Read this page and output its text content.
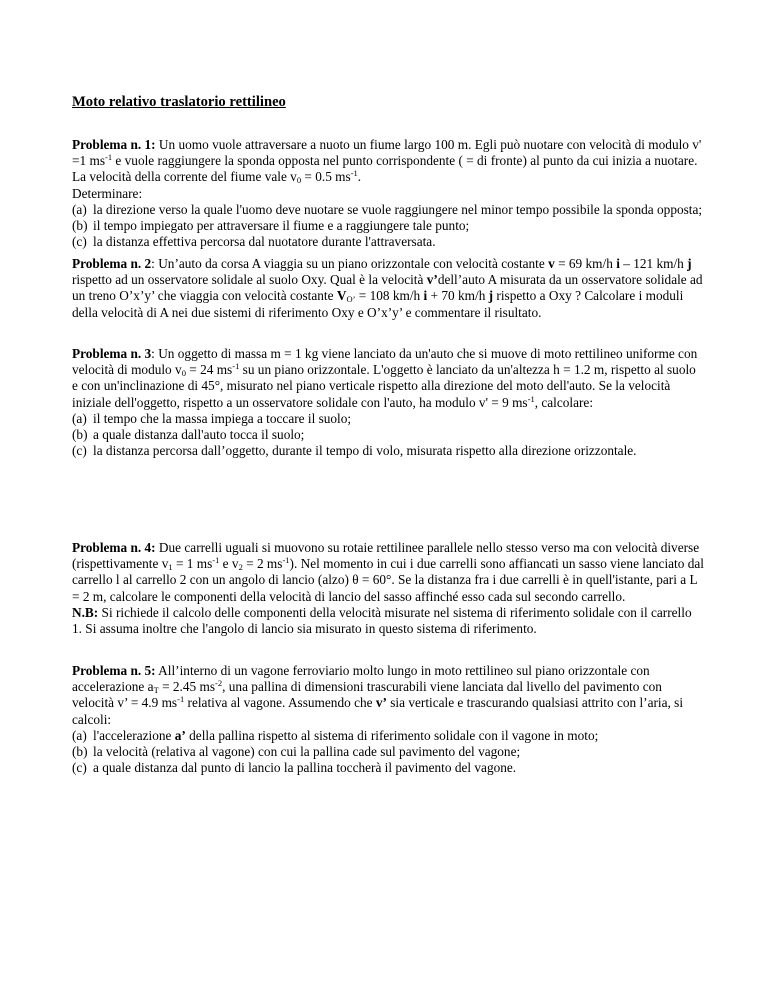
Moto relativo traslatorio rettilineo
Problema n. 1: Un uomo vuole attraversare a nuoto un fiume largo 100 m. Egli può nuotare con velocità di modulo v' =1 $ms^{-1}$ e vuole raggiungere la sponda opposta nel punto corrispondente ( = di fronte) al punto da cui inizia a nuotare. La velocità della corrente del fiume vale $v_0 = 0.5$ $ms^{-1}$.
Determinare:
(a) la direzione verso la quale l'uomo deve nuotare se vuole raggiungere nel minor tempo possibile la sponda opposta;
(b) il tempo impiegato per attraversare il fiume e a raggiungere tale punto;
(c) la distanza effettiva percorsa dal nuotatore durante l'attraversata.
Problema n. 2: Un’auto da corsa A viaggia su un piano orizzontale con velocità costante v = 69 km/h i – 121 km/h j rispetto ad un osservatore solidale al suolo Oxy. Qual è la velocità v’dell’auto A misurata da un osservatore solidale ad un treno O’x’y’ che viaggia con velocità costante $V_{O’} = 108$ km/h i + 70 km/h j rispetto a Oxy ? Calcolare i moduli della velocità di A nei due sistemi di riferimento Oxy e O’x’y’ e commentare il risultato.
Problema n. 3: Un oggetto di massa m = 1 kg viene lanciato da un'auto che si muove di moto rettilineo uniforme con velocità di modulo $v_0 = 24$ $ms^{-1}$ su un piano orizzontale. L'oggetto è lanciato da un'altezza h = 1.2 m, rispetto al suolo e con un'inclinazione di 45°, misurato nel piano verticale rispetto alla direzione del moto dell'auto. Se la velocità iniziale dell'oggetto, rispetto a un osservatore solidale con l'auto, ha modulo v' = 9 $ms^{-1}$, calcolare:
(a) il tempo che la massa impiega a toccare il suolo;
(b) a quale distanza dall'auto tocca il suolo;
(c) la distanza percorsa dall’oggetto, durante il tempo di volo, misurata rispetto alla direzione orizzontale.
Problema n. 4: Due carrelli uguali si muovono su rotaie rettilinee parallele nello stesso verso ma con velocità diverse (rispettivamente $v_1 = 1$ $ms^{-1}$ e $v_2 = 2$ $ms^{-1}$). Nel momento in cui i due carrelli sono affiancati un sasso viene lanciato dal carrello l al carrello 2 con un angolo di lancio (alzo) θ = 60°. Se la distanza fra i due carrelli è in quell'istante, pari a L = 2 m, calcolare le componenti della velocità di lancio del sasso affinché esso cada sul secondo carrello.
N.B: Si richiede il calcolo delle componenti della velocità misurate nel sistema di riferimento solidale con il carrello 1. Si assuma inoltre che l'angolo di lancio sia misurato in questo sistema di riferimento.
Problema n. 5: All’interno di un vagone ferroviario molto lungo in moto rettilineo sul piano orizzontale con accelerazione $a_T = 2.45$ $ms^{-2}$, una pallina di dimensioni trascurabili viene lanciata dal livello del pavimento con velocità v’ = 4.9 $ms^{-1}$ relativa al vagone. Assumendo che v’ sia verticale e trascurando qualsiasi attrito con l’aria, si calcoli:
(a) l'accelerazione a’ della pallina rispetto al sistema di riferimento solidale con il vagone in moto;
(b) la velocità (relativa al vagone) con cui la pallina cade sul pavimento del vagone;
(c) a quale distanza dal punto di lancio la pallina toccherà il pavimento del vagone.
